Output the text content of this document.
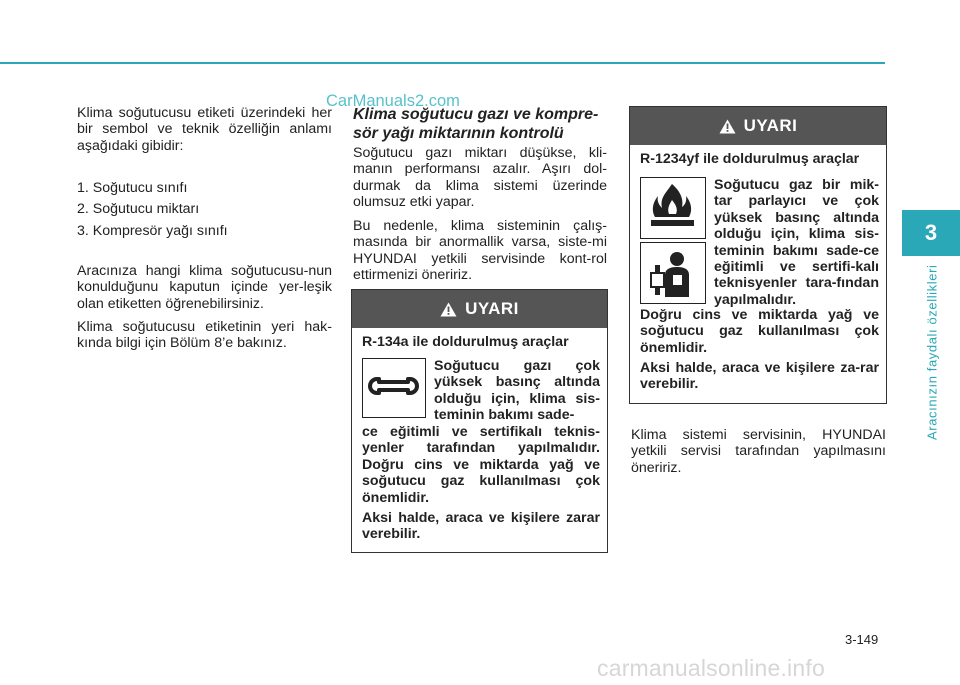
CarManuals2.com

Klima soğutucusu etiketi üzerindeki her bir sembol ve teknik özelliğin anlamı aşağıdaki gibidir:

1. Soğutucu sınıfı

2. Soğutucu miktarı

3. Kompresör yağı sınıfı

Aracınıza hangi klima soğutucusu-nun konulduğunu kaputun içinde yer-leşik olan etiketten öğrenebilirsiniz.

Klima soğutucusu etiketinin yeri hak-kında bilgi için Bölüm 8’e bakınız.

Klima soğutucu gazı ve kompre-sör yağı miktarının kontrolü

Soğutucu gazı miktarı düşükse, kli-manın performansı azalır. Aşırı dol-durmak da klima sistemi üzerinde olumsuz etki yapar.

Bu nedenle, klima sisteminin çalış-masında bir anormallik varsa, siste-mi HYUNDAI yetkili servisinde kont-rol ettirmenizi öneririz.

UYARI
R-134a ile doldurulmuş araçlar

Soğutucu gazı çok yüksek basınç altında olduğu için, klima sis-teminin bakımı sade-

ce eğitimli ve sertifikalı teknis-yenler tarafından yapılmalıdır. Doğru cins ve miktarda yağ ve soğutucu gaz kullanılması çok önemlidir.

Aksi halde, araca ve kişilere zarar verebilir.

UYARI
R-1234yf ile doldurulmuş araçlar

Soğutucu gaz bir mik-tar parlayıcı ve çok yüksek basınç altında olduğu için, klima sis-teminin bakımı sade-ce eğitimli ve sertifi-kalı teknisyenler tara-fından yapılmalıdır.

Doğru cins ve miktarda yağ ve soğutucu gaz kullanılması çok önemlidir.

Aksi halde, araca ve kişilere za-rar verebilir.

Klima sistemi servisinin, HYUNDAI yetkili servisi tarafından yapılmasını öneririz.

3
Aracınızın faydalı özellikleri
3-149
carmanualsonline.info
